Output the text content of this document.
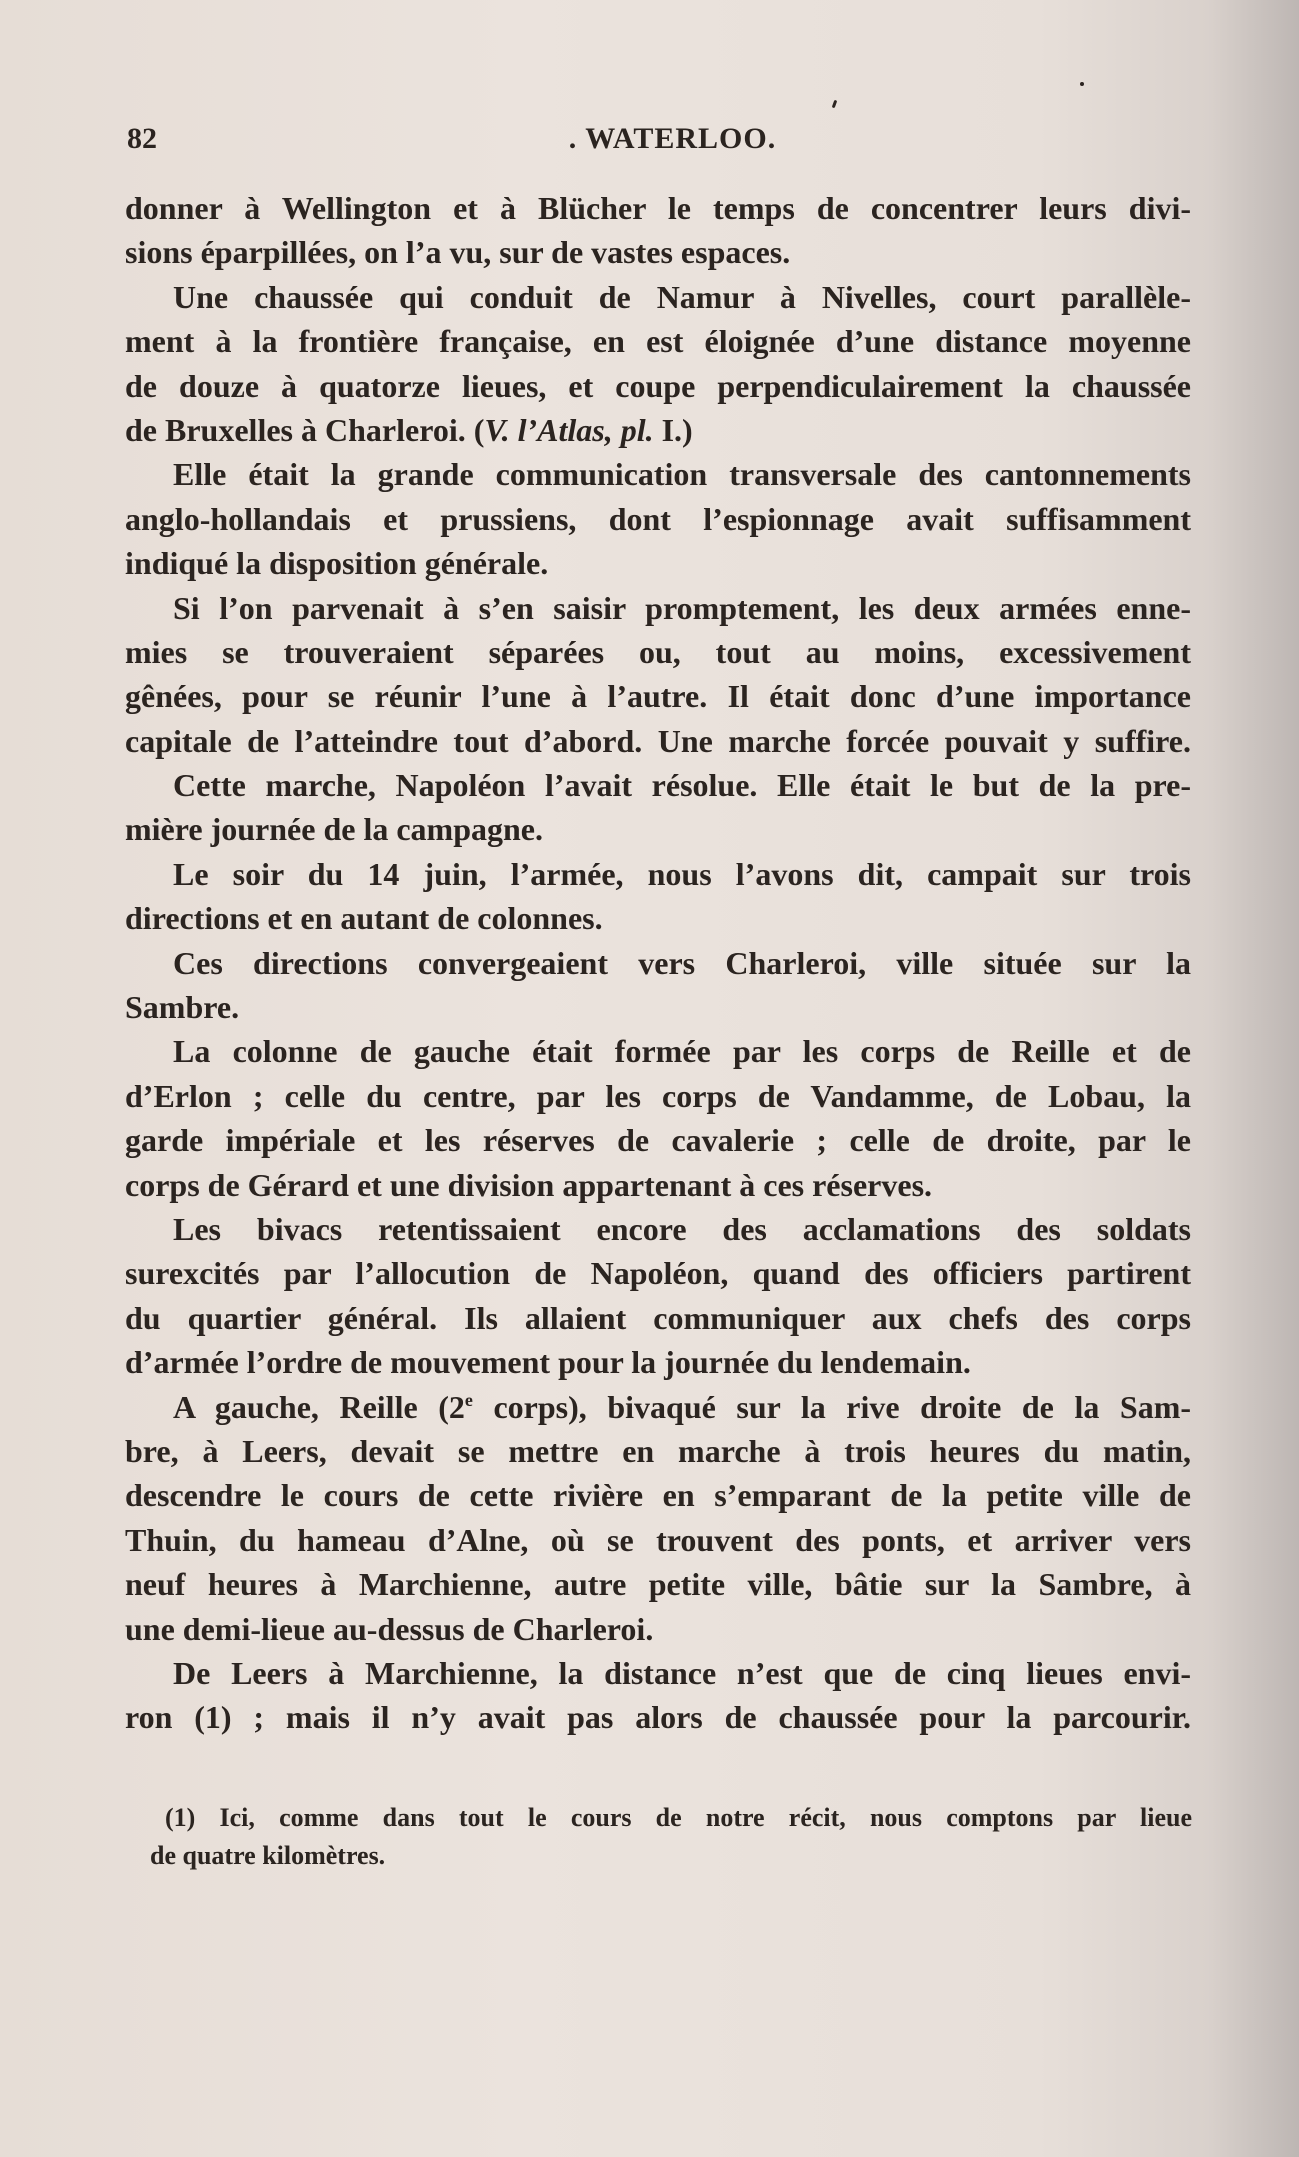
82	. WATERLOO.
donner à Wellington et à Blücher le temps de concentrer leurs divi-
sions éparpillées, on l’a vu, sur de vastes espaces.
Une chaussée qui conduit de Namur à Nivelles, court parallèle-
ment à la frontière française, en est éloignée d’une distance moyenne
de douze à quatorze lieues, et coupe perpendiculairement la chaussée
de Bruxelles à Charleroi. (V. l’Atlas, pl. I.)
Elle était la grande communication transversale des cantonnements
anglo-hollandais et prussiens, dont l’espionnage avait suffisamment
indiqué la disposition générale.
Si l’on parvenait à s’en saisir promptement, les deux armées enne-
mies se trouveraient séparées ou, tout au moins, excessivement
gênées, pour se réunir l’une à l’autre. Il était donc d’une importance
capitale de l’atteindre tout d’abord. Une marche forcée pouvait y suffire.
Cette marche, Napoléon l’avait résolue. Elle était le but de la pre-
mière journée de la campagne.
Le soir du 14 juin, l’armée, nous l’avons dit, campait sur trois
directions et en autant de colonnes.
Ces directions convergeaient vers Charleroi, ville située sur la
Sambre.
La colonne de gauche était formée par les corps de Reille et de
d’Erlon ; celle du centre, par les corps de Vandamme, de Lobau, la
garde impériale et les réserves de cavalerie ; celle de droite, par le
corps de Gérard et une division appartenant à ces réserves.
Les bivacs retentissaient encore des acclamations des soldats
surexcités par l’allocution de Napoléon, quand des officiers partirent
du quartier général. Ils allaient communiquer aux chefs des corps
d’armée l’ordre de mouvement pour la journée du lendemain.
A gauche, Reille (2e corps), bivaqué sur la rive droite de la Sam-
bre, à Leers, devait se mettre en marche à trois heures du matin,
descendre le cours de cette rivière en s’emparant de la petite ville de
Thuin, du hameau d’Alne, où se trouvent des ponts, et arriver vers
neuf heures à Marchienne, autre petite ville, bâtie sur la Sambre, à
une demi-lieue au-dessus de Charleroi.
De Leers à Marchienne, la distance n’est que de cinq lieues envi-
ron (1) ; mais il n’y avait pas alors de chaussée pour la parcourir.
(1) Ici, comme dans tout le cours de notre récit, nous comptons par lieue
de quatre kilomètres.
